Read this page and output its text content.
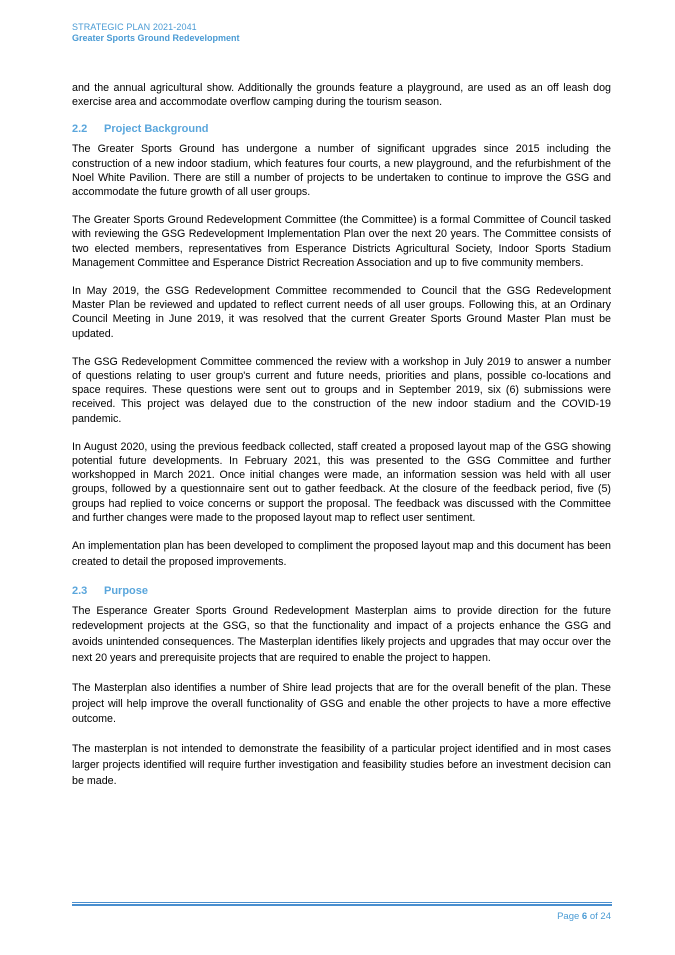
STRATEGIC PLAN 2021-2041
Greater Sports Ground Redevelopment

and the annual agricultural show. Additionally the grounds feature a playground, are used as an off leash dog exercise area and accommodate overflow camping during the tourism season.

2.2	Project Background

The Greater Sports Ground has undergone a number of significant upgrades since 2015 including the construction of a new indoor stadium, which features four courts, a new playground, and the refurbishment of the Noel White Pavilion. There are still a number of projects to be undertaken to continue to improve the GSG and accommodate the future growth of all user groups.

The Greater Sports Ground Redevelopment Committee (the Committee) is a formal Committee of Council tasked with reviewing the GSG Redevelopment Implementation Plan over the next 20 years. The Committee consists of two elected members, representatives from Esperance Districts Agricultural Society, Indoor Sports Stadium Management Committee and Esperance District Recreation Association and up to five community members.

In May 2019, the GSG Redevelopment Committee recommended to Council that the GSG Redevelopment Master Plan be reviewed and updated to reflect current needs of all user groups. Following this, at an Ordinary Council Meeting in June 2019, it was resolved that the current Greater Sports Ground Master Plan must be updated.

The GSG Redevelopment Committee commenced the review with a workshop in July 2019 to answer a number of questions relating to user group's current and future needs, priorities and plans, possible co-locations and space requires. These questions were sent out to groups and in September 2019, six (6) submissions were received. This project was delayed due to the construction of the new indoor stadium and the COVID-19 pandemic.

In August 2020, using the previous feedback collected, staff created a proposed layout map of the GSG showing potential future developments. In February 2021, this was presented to the GSG Committee and further workshopped in March 2021. Once initial changes were made, an information session was held with all user groups, followed by a questionnaire sent out to gather feedback. At the closure of the feedback period, five (5) groups had replied to voice concerns or support the proposal. The feedback was discussed with the Committee and further changes were made to the proposed layout map to reflect user sentiment.

An implementation plan has been developed to compliment the proposed layout map and this document has been created to detail the proposed improvements.

2.3	Purpose

The Esperance Greater Sports Ground Redevelopment Masterplan aims to provide direction for the future redevelopment projects at the GSG, so that the functionality and impact of a projects enhance the GSG and avoids unintended consequences. The Masterplan identifies likely projects and upgrades that may occur over the next 20 years and prerequisite projects that are required to enable the project to happen.

The Masterplan also identifies a number of Shire lead projects that are for the overall benefit of the plan. These project will help improve the overall functionality of GSG and enable the other projects to have a more effective outcome.

The masterplan is not intended to demonstrate the feasibility of a particular project identified and in most cases larger projects identified will require further investigation and feasibility studies before an investment decision can be made.

Page 6 of 24
